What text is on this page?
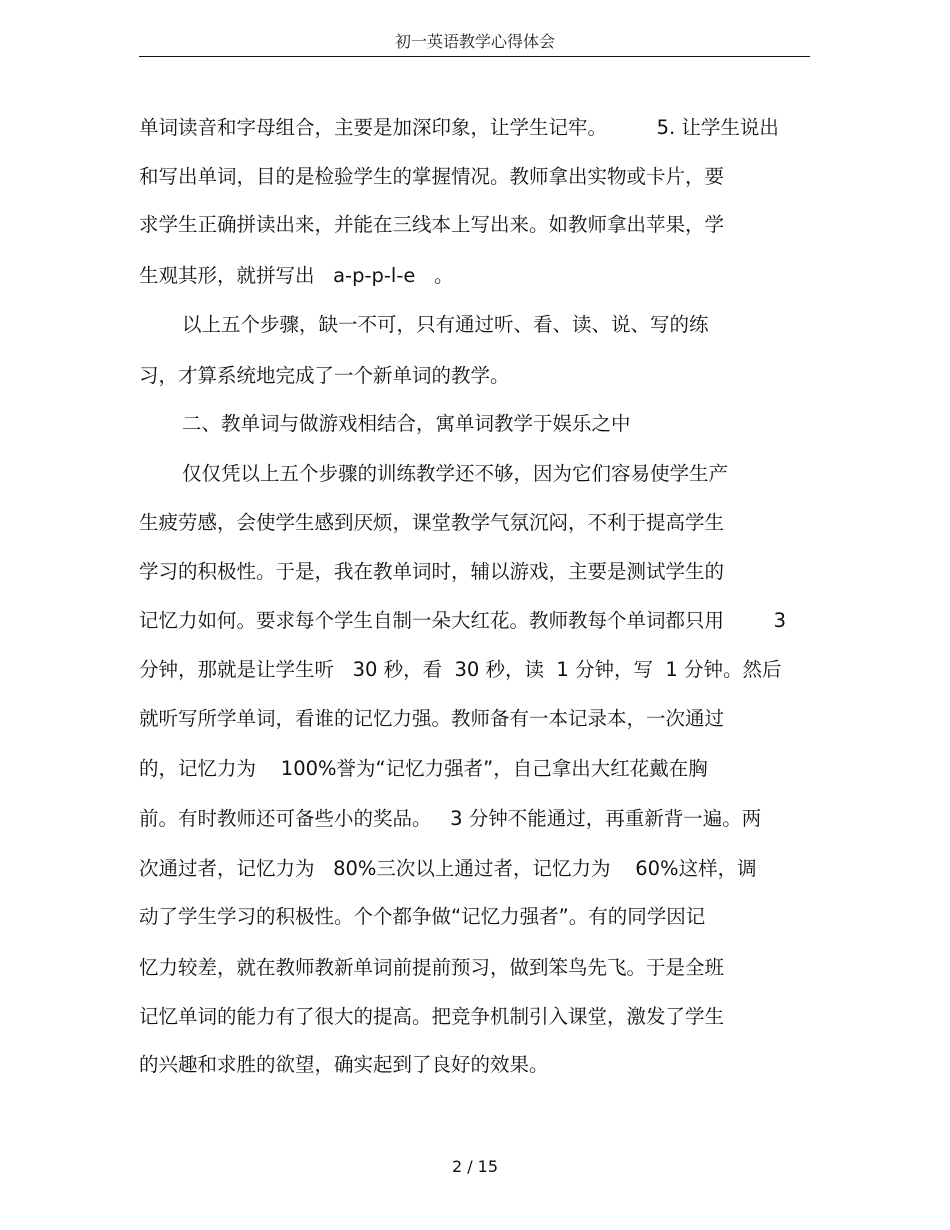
初一英语教学心得体会
单词读音和字母组合，主要是加深印象，让学生记牢。        5. 让学生说出
和写出单词，目的是检验学生的掌握情况。教师拿出实物或卡片，要
求学生正确拼读出来，并能在三线本上写出来。如教师拿出苹果，学
生观其形，就拼写出   a-p-p-l-e   。
以上五个步骤，缺一不可，只有通过听、看、读、说、写的练
习，才算系统地完成了一个新单词的教学。
二、教单词与做游戏相结合，寓单词教学于娱乐之中
仅仅凭以上五个步骤的训练教学还不够，因为它们容易使学生产
生疲劳感，会使学生感到厌烦，课堂教学气氛沉闷，不利于提高学生
学习的积极性。于是，我在教单词时，辅以游戏，主要是测试学生的
记忆力如何。要求每个学生自制一朵大红花。教师教每个单词都只用        3
分钟，那就是让学生听   30 秒，看  30 秒，读  1 分钟，写  1 分钟。然后
就听写所学单词，看谁的记忆力强。教师备有一本记录本，一次通过
的，记忆力为    100%誉为“记忆力强者”，自己拿出大红花戴在胸
前。有时教师还可备些小的奖品。   3 分钟不能通过，再重新背一遍。两
次通过者，记忆力为   80%三次以上通过者，记忆力为    60%这样，调
动了学生学习的积极性。个个都争做“记忆力强者”。有的同学因记
忆力较差，就在教师教新单词前提前预习，做到笨鸟先飞。于是全班
记忆单词的能力有了很大的提高。把竞争机制引入课堂，激发了学生
的兴趣和求胜的欲望，确实起到了良好的效果。
2 / 15
